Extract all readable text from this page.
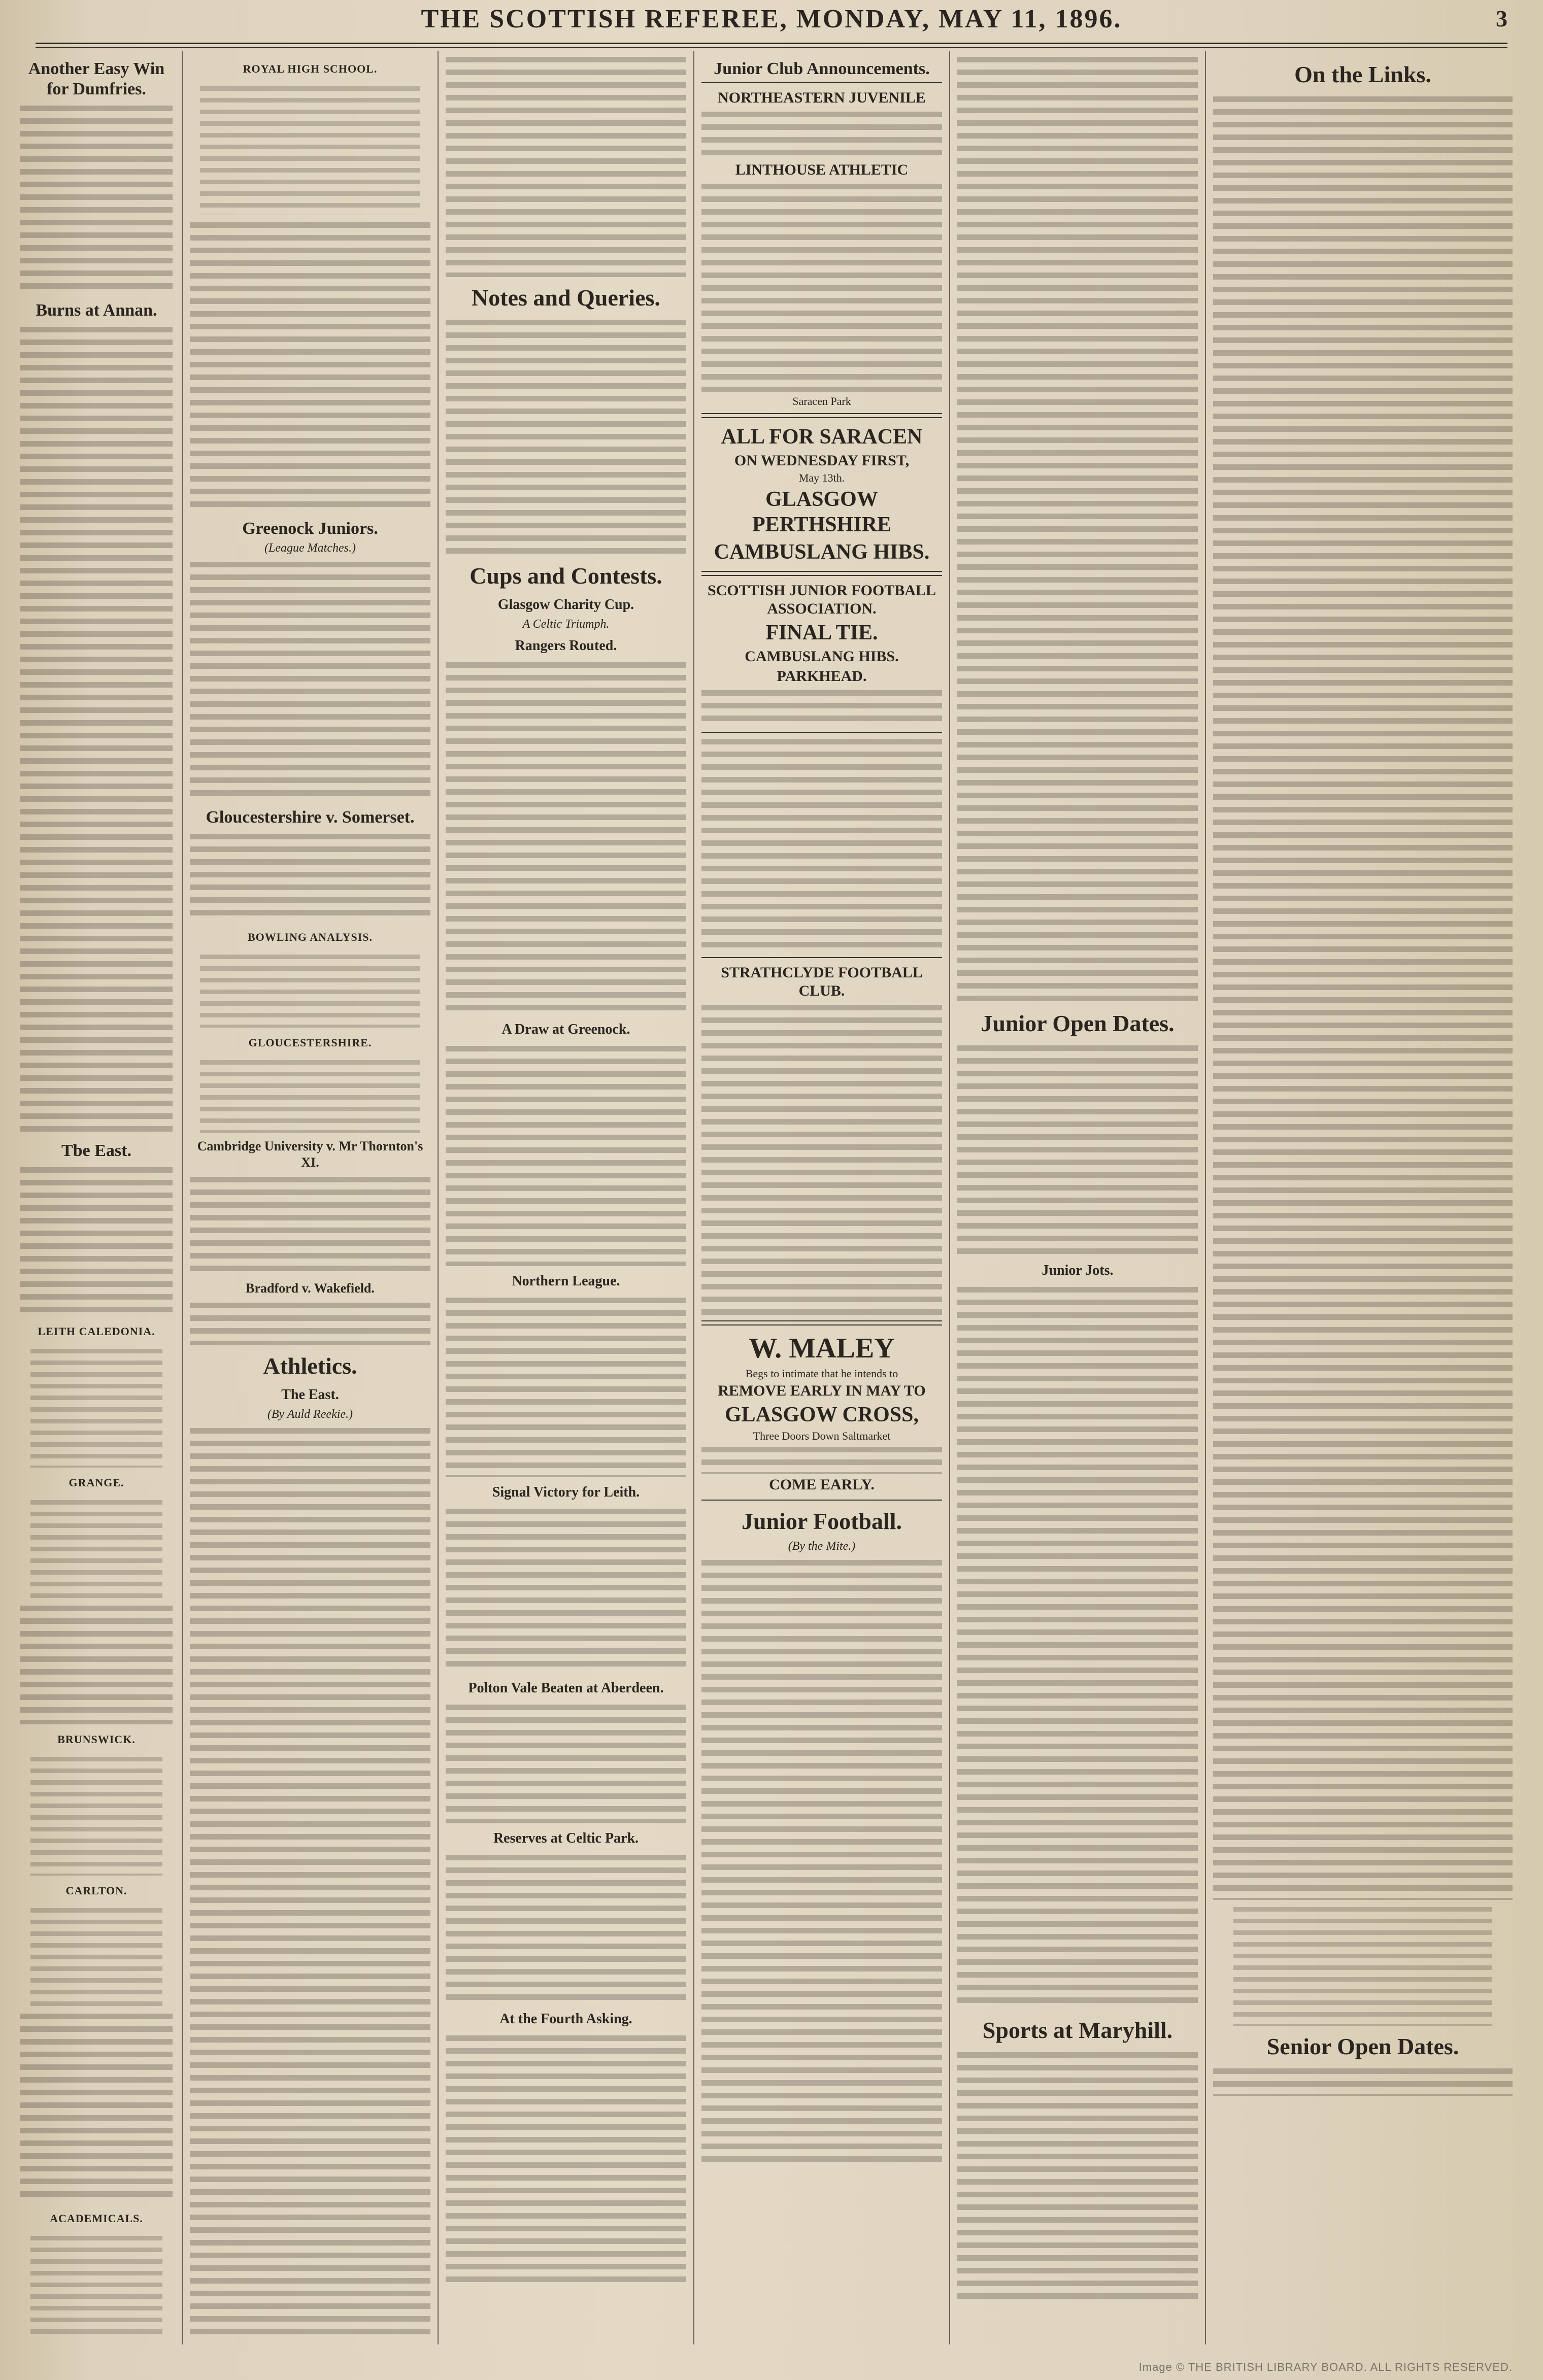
THE SCOTTISH REFEREE, MONDAY, MAY 11, 1896.	3
Another Easy Win for Dumfries.
Burns at Annan.
Tbe East.
LEITH CALEDONIA.
GRANGE.
BRUNSWICK.
CARLTON.
ACADEMICALS.
ROYAL HIGH SCHOOL.
Greenock Juniors.
(League Matches.)
Gloucestershire v. Somerset.
BOWLING ANALYSIS.
GLOUCESTERSHIRE.
Cambridge University v. Mr Thornton's XI.
Bradford v. Wakefield.
Athletics.
The East.
(By Auld Reekie.)
Notes and Queries.
Cups and Contests.
Glasgow Charity Cup.
A Celtic Triumph.
Rangers Routed.
A Draw at Greenock.
Northern League.
Signal Victory for Leith.
Polton Vale Beaten at Aberdeen.
Reserves at Celtic Park.
At the Fourth Asking.
Junior Club Announcements.
NORTHEASTERN JUVENILE
LINTHOUSE ATHLETIC
Saracen Park
ALL FOR SARACEN
ON WEDNESDAY FIRST,
May 13th.
GLASGOW PERTHSHIRE
CAMBUSLANG HIBS.
SCOTTISH JUNIOR FOOTBALL ASSOCIATION.
FINAL TIE.
CAMBUSLANG HIBS.
PARKHEAD.
STRATHCLYDE FOOTBALL CLUB.
W. MALEY
Begs to intimate that he intends to
REMOVE EARLY IN MAY TO
GLASGOW CROSS,
Three Doors Down Saltmarket
COME EARLY.
Junior Football.
(By the Mite.)
Junior Open Dates.
Junior Jots.
Sports at Maryhill.
On the Links.
Senior Open Dates.
Image © THE BRITISH LIBRARY BOARD. ALL RIGHTS RESERVED.
